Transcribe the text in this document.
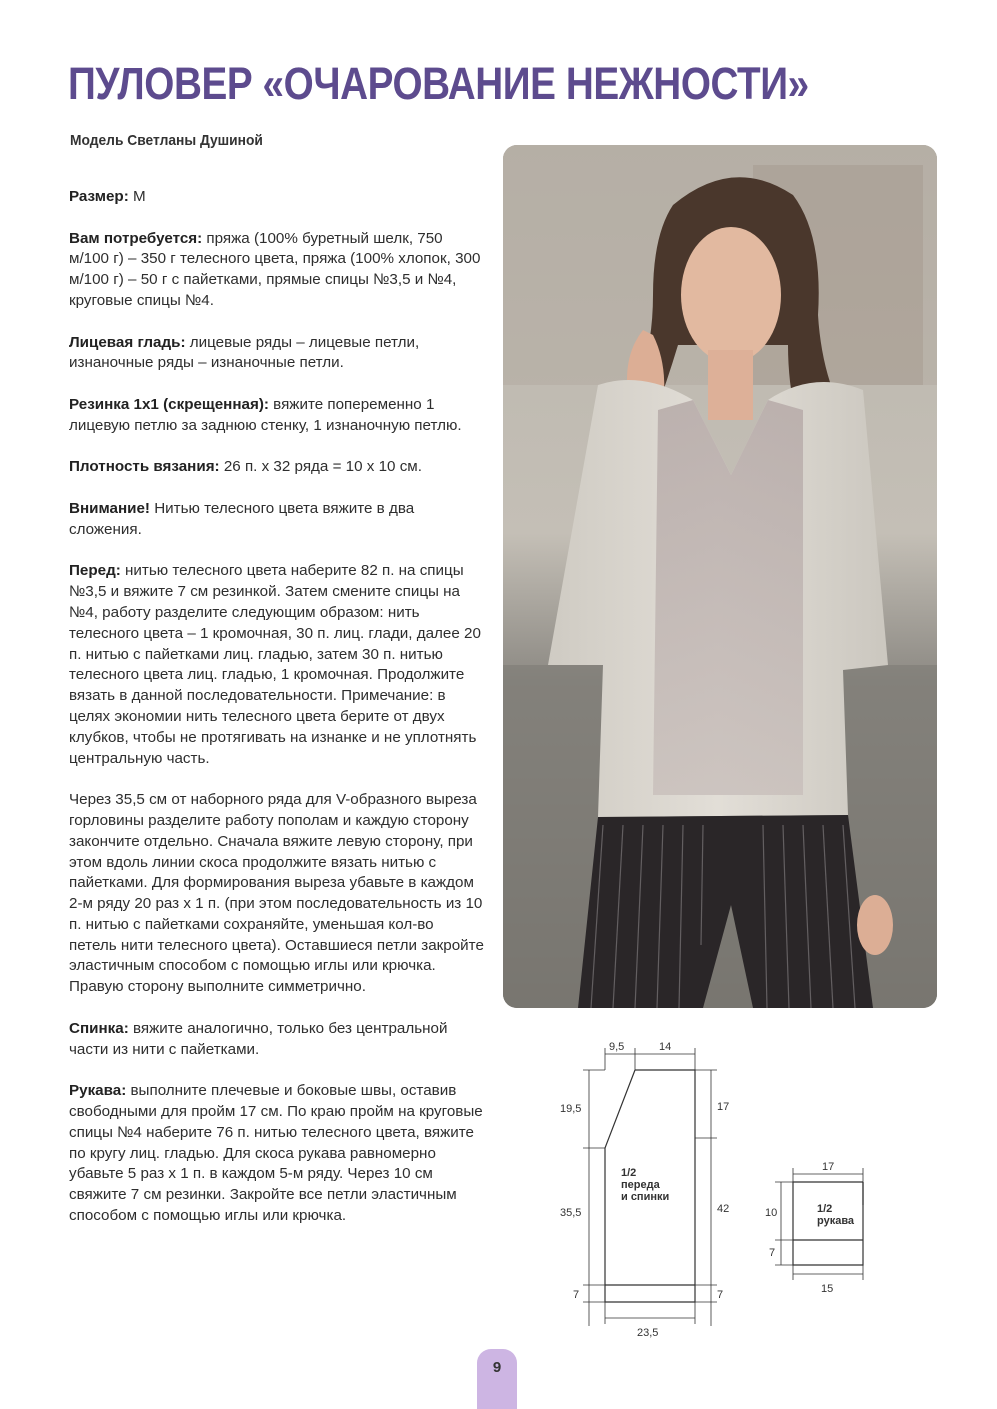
ПУЛОВЕР «ОЧАРОВАНИЕ НЕЖНОСТИ»
Модель Светланы Душиной

Размер: M

Вам потребуется: пряжа (100% буретный шелк, 750 м/100 г) – 350 г телесного цвета, пряжа (100% хлопок, 300 м/100 г) – 50 г с пайетками, прямые спицы №3,5 и №4, круговые спицы №4.

Лицевая гладь: лицевые ряды – лицевые петли, изнаночные ряды – изнаночные петли.

Резинка 1х1 (скрещенная): вяжите попеременно 1 лицевую петлю за заднюю стенку, 1 изнаночную петлю.

Плотность вязания: 26 п. х 32 ряда = 10 х 10 см.

Внимание! Нитью телесного цвета вяжите в два сложения.

Перед: нитью телесного цвета наберите 82 п. на спицы №3,5 и вяжите 7 см резинкой. Затем смените спицы на №4, работу разделите следующим образом: нить телесного цвета – 1 кромочная, 30 п. лиц. глади, далее 20 п. нитью с пайетками лиц. гладью, затем 30 п. нитью телесного цвета лиц. гладью, 1 кромочная. Продолжите вязать в данной последовательности. Примечание: в целях экономии нить телесного цвета берите от двух клубков, чтобы не протягивать на изнанке и не уплотнять центральную часть.

Через 35,5 см от наборного ряда для V-образного выреза горловины разделите работу пополам и каждую сторону закончите отдельно. Сначала вяжите левую сторону, при этом вдоль линии скоса продолжите вязать нитью с пайетками. Для формирования выреза убавьте в каждом 2-м ряду 20 раз х 1 п. (при этом последовательность из 10 п. нитью с пайетками сохраняйте, уменьшая кол-во петель нити телесного цвета). Оставшиеся петли закройте эластичным способом с помощью иглы или крючка. Правую сторону выполните симметрично.

Спинка: вяжите аналогично, только без центральной части из нити с пайетками.

Рукава: выполните плечевые и боковые швы, оставив свободными для пройм 17 см. По краю пройм на круговые спицы №4 наберите 76 п. нитью телесного цвета, вяжите по кругу лиц. гладью. Для скоса рукава равномерно убавьте 5 раз х 1 п. в каждом 5-м ряду. Через 10 см свяжите 7 см резинки. Закройте все петли эластичным способом с помощью иглы или крючка.

9,5	14
19,5
35,5
7
17
42
7
23,5
1/2
переда
и спинки
17
10
7
15
1/2
рукава
9
